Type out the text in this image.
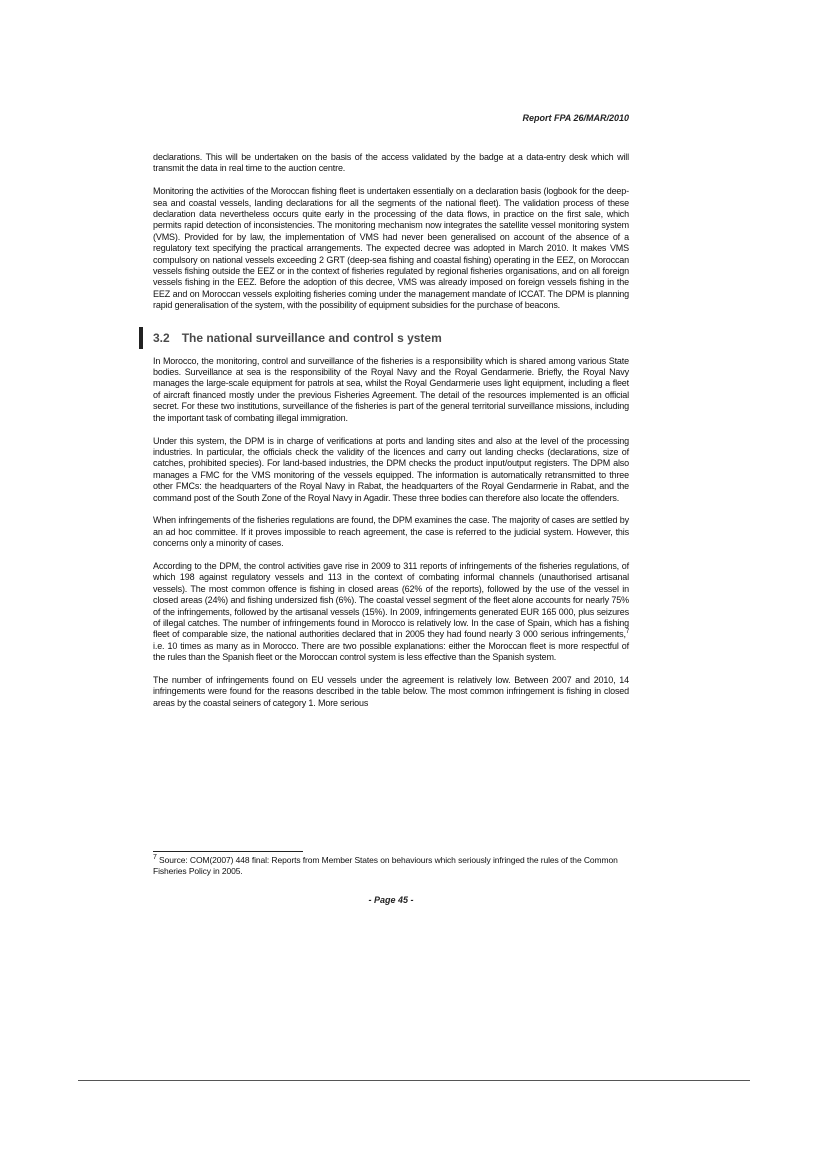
Report FPA 26/MAR/2010

declarations. This will be undertaken on the basis of the access validated by the badge at a data-entry desk which will transmit the data in real time to the auction centre.

Monitoring the activities of the Moroccan fishing fleet is undertaken essentially on a declaration basis (logbook for the deep-sea and coastal vessels, landing declarations for all the segments of the national fleet). The validation process of these declaration data nevertheless occurs quite early in the processing of the data flows, in practice on the first sale, which permits rapid detection of inconsistencies. The monitoring mechanism now integrates the satellite vessel monitoring system (VMS). Provided for by law, the implementation of VMS had never been generalised on account of the absence of a regulatory text specifying the practical arrangements. The expected decree was adopted in March 2010. It makes VMS compulsory on national vessels exceeding 2 GRT (deep-sea fishing and coastal fishing) operating in the EEZ, on Moroccan vessels fishing outside the EEZ or in the context of fisheries regulated by regional fisheries organisations, and on all foreign vessels fishing in the EEZ. Before the adoption of this decree, VMS was already imposed on foreign vessels fishing in the EEZ and on Moroccan vessels exploiting fisheries coming under the management mandate of ICCAT. The DPM is planning rapid generalisation of the system, with the possibility of equipment subsidies for the purchase of beacons.

3.2 The national surveillance and control s ystem

In Morocco, the monitoring, control and surveillance of the fisheries is a responsibility which is shared among various State bodies. Surveillance at sea is the responsibility of the Royal Navy and the Royal Gendarmerie. Briefly, the Royal Navy manages the large-scale equipment for patrols at sea, whilst the Royal Gendarmerie uses light equipment, including a fleet of aircraft financed mostly under the previous Fisheries Agreement. The detail of the resources implemented is an official secret. For these two institutions, surveillance of the fisheries is part of the general territorial surveillance missions, including the important task of combating illegal immigration.

Under this system, the DPM is in charge of verifications at ports and landing sites and also at the level of the processing industries. In particular, the officials check the validity of the licences and carry out landing checks (declarations, size of catches, prohibited species). For land-based industries, the DPM checks the product input/output registers. The DPM also manages a FMC for the VMS monitoring of the vessels equipped. The information is automatically retransmitted to three other FMCs: the headquarters of the Royal Navy in Rabat, the headquarters of the Royal Gendarmerie in Rabat, and the command post of the South Zone of the Royal Navy in Agadir. These three bodies can therefore also locate the offenders.

When infringements of the fisheries regulations are found, the DPM examines the case. The majority of cases are settled by an ad hoc committee. If it proves impossible to reach agreement, the case is referred to the judicial system. However, this concerns only a minority of cases.

According to the DPM, the control activities gave rise in 2009 to 311 reports of infringements of the fisheries regulations, of which 198 against regulatory vessels and 113 in the context of combating informal channels (unauthorised artisanal vessels). The most common offence is fishing in closed areas (62% of the reports), followed by the use of the vessel in closed areas (24%) and fishing undersized fish (6%). The coastal vessel segment of the fleet alone accounts for nearly 75% of the infringements, followed by the artisanal vessels (15%). In 2009, infringements generated EUR 165 000, plus seizures of illegal catches. The number of infringements found in Morocco is relatively low. In the case of Spain, which has a fishing fleet of comparable size, the national authorities declared that in 2005 they had found nearly 3 000 serious infringements,$^7$ i.e. 10 times as many as in Morocco. There are two possible explanations: either the Moroccan fleet is more respectful of the rules than the Spanish fleet or the Moroccan control system is less effective than the Spanish system.

The number of infringements found on EU vessels under the agreement is relatively low. Between 2007 and 2010, 14 infringements were found for the reasons described in the table below. The most common infringement is fishing in closed areas by the coastal seiners of category 1. More serious

$^7$ Source: COM(2007) 448 final: Reports from Member States on behaviours which seriously infringed the rules of the Common Fisheries Policy in 2005.
- Page 45 -
